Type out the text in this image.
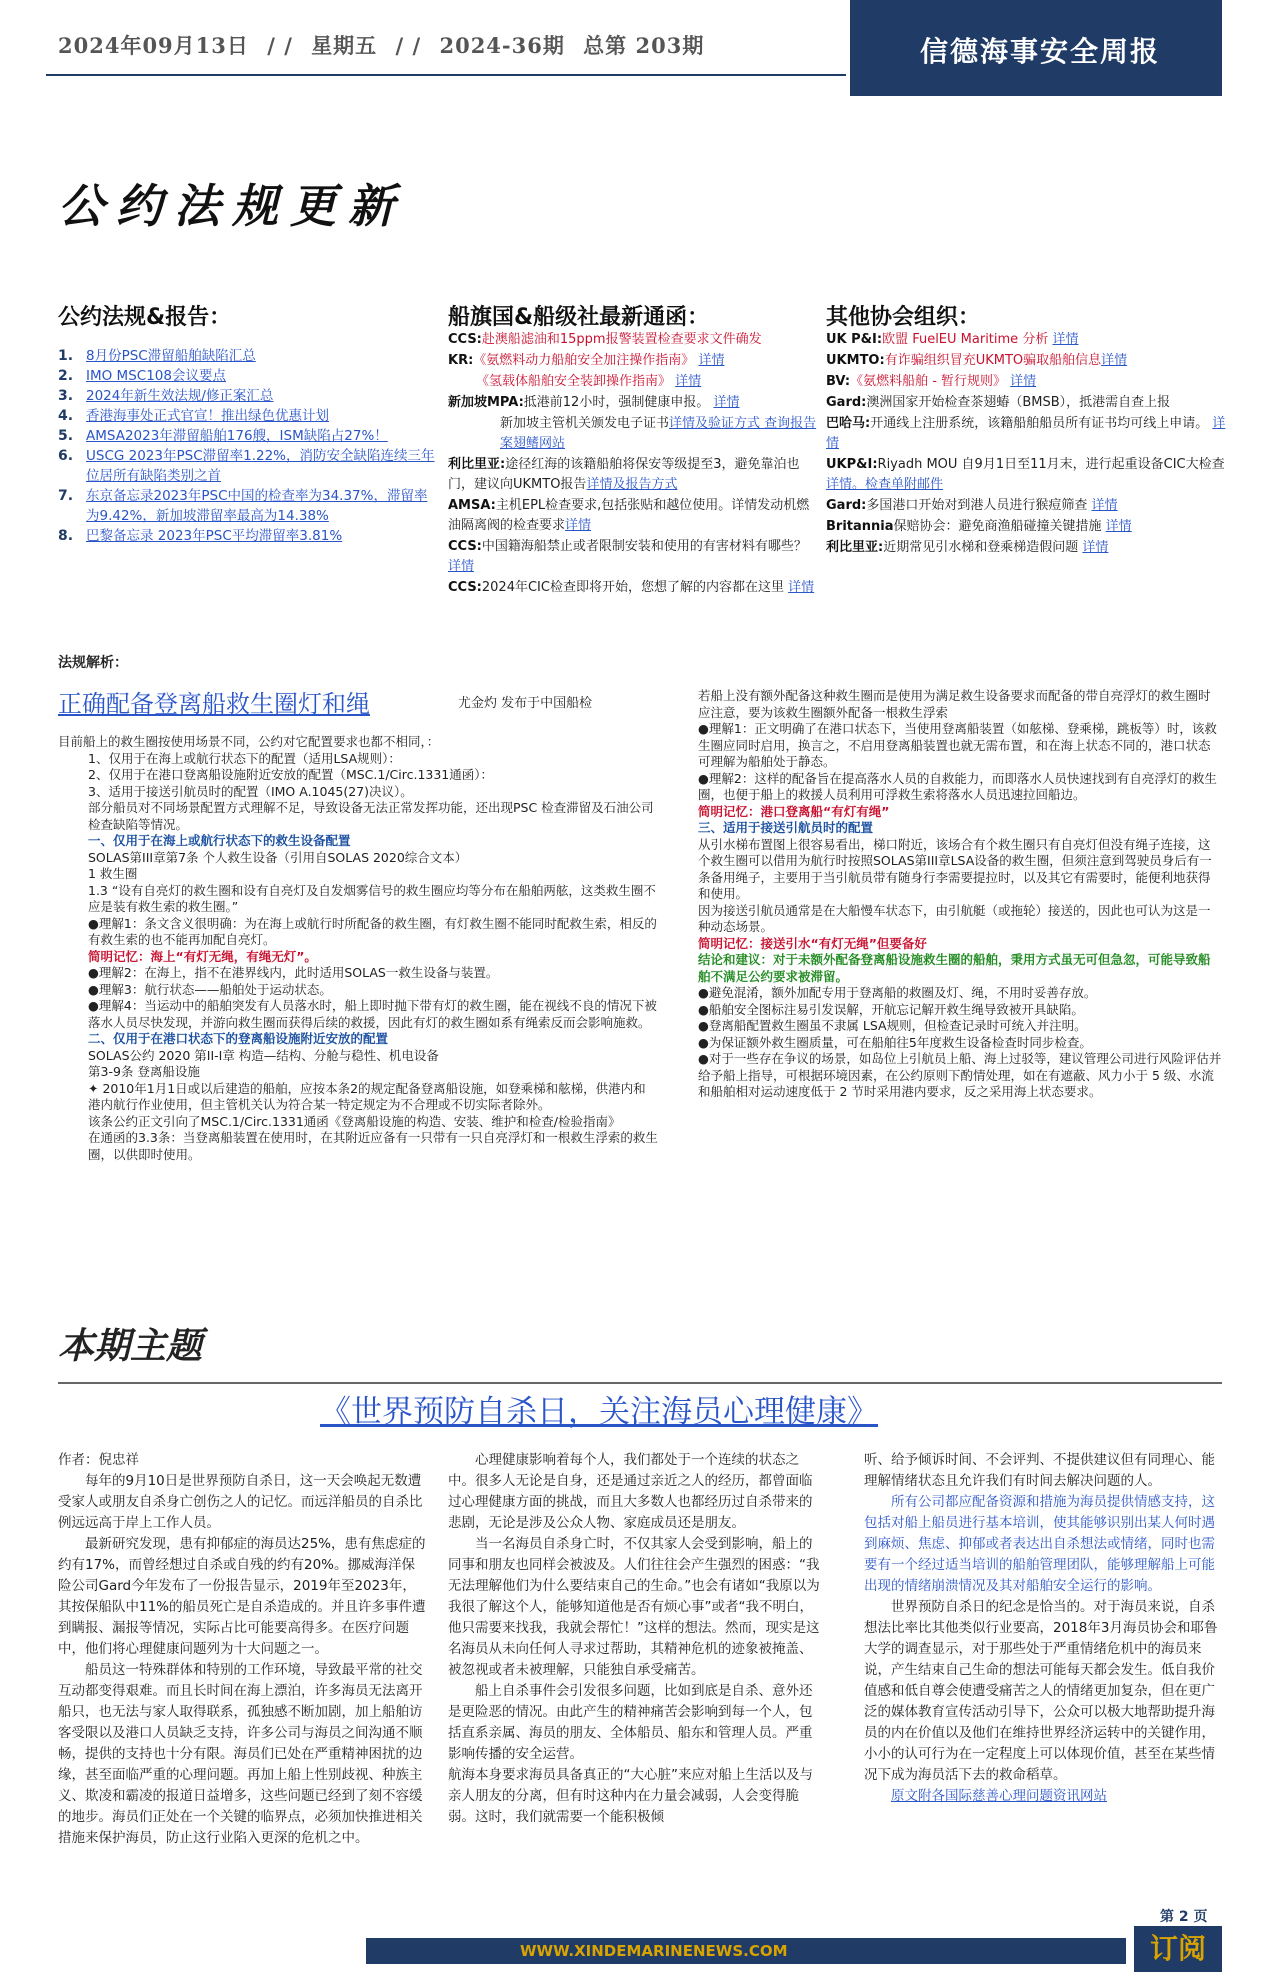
2024年09月13日 / / 星期五 / / 2024-36期 总第 203期	信德海事安全周报
公约法规更新
公约法规&报告：
1. 8月份PSC滞留船舶缺陷汇总
2. IMO MSC108会议要点
3. 2024年新生效法规/修正案汇总
4. 香港海事处正式官宣！推出绿色优惠计划
5. AMSA2023年滞留船舶176艘，ISM缺陷占27%！
6. USCG 2023年PSC滞留率1.22%，消防安全缺陷连续三年位居所有缺陷类别之首
7. 东京备忘录2023年PSC中国的检查率为34.37%，滞留率为9.42%，新加坡滞留率最高为14.38%
8. 巴黎备忘录 2023年PSC平均滞留率3.81%
船旗国&船级社最新通函：

CCS:赴澳船滤油和15ppm报警装置检查要求文件确发

KR:《氨燃料动力船舶安全加注操作指南》 详情

《氢载体船舶安全装卸操作指南》 详情

新加坡MPA:抵港前12小时，强制健康申报。 详情

新加坡主管机关颁发电子证书详情及验证方式 查询报告案翅鳍网站

利比里亚:途径红海的该籍船舶将保安等级提至3，避免靠泊也门，建议向UKMTO报告详情及报告方式

AMSA:主机EPL检查要求,包括张贴和越位使用。详情发动机燃油隔离阀的检查要求详情

CCS:中国籍海船禁止或者限制安装和使用的有害材料有哪些？ 详情

CCS:2024年CIC检查即将开始，您想了解的内容都在这里 详情

其他协会组织：

UK P&I:欧盟 FuelEU Maritime 分析 详情

UKMTO:有诈骗组织冒充UKMTO骗取船舶信息详情

BV:《氨燃料船舶 - 暂行规则》 详情

Gard:澳洲国家开始检查茶翅蝽（BMSB），抵港需自查上报

巴哈马:开通线上注册系统，该籍船舶船员所有证书均可线上申请。 详情

UKP&I:Riyadh MOU 自9月1日至11月末，进行起重设备CIC大检查详情。检查单附邮件

Gard:多国港口开始对到港人员进行猴痘筛查 详情

Britannia保赔协会：避免商渔船碰撞关键措施 详情

利比里亚:近期常见引水梯和登乘梯造假问题 详情

法规解析：
正确配备登离船救生圈灯和绳	尤金灼 发布于中国船检

目前船上的救生圈按使用场景不同，公约对它配置要求也都不相同，：

1、仅用于在海上或航行状态下的配置（适用LSA规则）：

2、仅用于在港口登离船设施附近安放的配置（MSC.1/Circ.1331通函）：

3、适用于接送引航员时的配置（IMO A.1045(27)决议）。

部分船员对不同场景配置方式理解不足，导致设备无法正常发挥功能，还出现PSC 检查滞留及石油公司检查缺陷等情况。

一、仅用于在海上或航行状态下的救生设备配置

SOLAS第III章第7条 个人救生设备（引用自SOLAS 2020综合文本）

1 救生圈

1.3 “设有自亮灯的救生圈和设有自亮灯及自发烟雾信号的救生圈应均等分布在船舶两舷，这类救生圈不应是装有救生索的救生圈。”

●理解1：条文含义很明确：为在海上或航行时所配备的救生圈，有灯救生圈不能同时配救生索，相反的有救生索的也不能再加配自亮灯。

简明记忆：海上“有灯无绳，有绳无灯”。

●理解2：在海上，指不在港界线内，此时适用SOLAS一救生设备与装置。

●理解3：航行状态——船舶处于运动状态。

●理解4：当运动中的船舶突发有人员落水时，船上即时抛下带有灯的救生圈，能在视线不良的情况下被落水人员尽快发现，并游向救生圈而获得后续的救援，因此有灯的救生圈如系有绳索反而会影响施救。

二、仅用于在港口状态下的登离船设施附近安放的配置

SOLAS公约 2020 第II-I章 构造—结构、分舱与稳性、机电设备

第3-9条 登离船设施

✦ 2010年1月1日或以后建造的船舶，应按本条2的规定配备登离船设施，如登乘梯和舷梯，供港内和港内航行作业使用，但主管机关认为符合某一特定规定为不合理或不切实际者除外。

该条公约正文引向了MSC.1/Circ.1331通函《登离船设施的构造、安装、维护和检查/检验指南》

在通函的3.3条：当登离船装置在使用时，在其附近应备有一只带有一只自亮浮灯和一根救生浮索的救生圈，以供即时使用。

若船上没有额外配备这种救生圈而是使用为满足救生设备要求而配备的带自亮浮灯的救生圈时应注意，要为该救生圈额外配备一根救生浮索

●理解1：正文明确了在港口状态下，当使用登离船装置（如舷梯、登乘梯，跳板等）时，该救生圈应同时启用，换言之，不启用登离船装置也就无需布置，和在海上状态不同的，港口状态可理解为船舶处于静态。

●理解2：这样的配备旨在提高落水人员的自救能力，而即落水人员快速找到有自亮浮灯的救生圈，也便于船上的救援人员利用可浮救生索将落水人员迅速拉回船边。

简明记忆：港口登离船“有灯有绳”

三、适用于接送引航员时的配置

从引水梯布置图上很容易看出，梯口附近，该场合有个救生圈只有自亮灯但没有绳子连接，这个救生圈可以借用为航行时按照SOLAS第III章LSA设备的救生圈，但须注意到驾驶员身后有一条备用绳子，主要用于当引航员带有随身行李需要提拉时，以及其它有需要时，能便利地获得和使用。

因为接送引航员通常是在大船慢车状态下，由引航艇（或拖轮）接送的，因此也可认为这是一种动态场景。

简明记忆：接送引水“有灯无绳”但要备好

结论和建议：对于未额外配备登离船设施救生圈的船舶，秉用方式虽无可但急忽，可能导致船舶不满足公约要求被滞留。

●避免混淆，额外加配专用于登离船的救圈及灯、绳，不用时妥善存放。

●船舶安全图标注易引发误解，开航忘记解开救生绳导致被开具缺陷。

●登离船配置救生圈虽不隶属 LSA规则，但检查记录时可统入并注明。

●为保证额外救生圈质量，可在船舶往5年度救生设备检查时同步检查。

●对于一些存在争议的场景，如岛位上引航员上船、海上过驳等，建议管理公司进行风险评估并给予船上指导，可根据环境因素，在公约原则下酌情处理，如在有遮蔽、风力小于 5 级、水流和船舶相对运动速度低于 2 节时采用港内要求，反之采用海上状态要求。

本期主题
《世界预防自杀日，关注海员心理健康》

作者：倪忠祥

每年的9月10日是世界预防自杀日，这一天会唤起无数遭受家人或朋友自杀身亡创伤之人的记忆。而远洋船员的自杀比例远远高于岸上工作人员。

最新研究发现，患有抑郁症的海员达25%，患有焦虑症的约有17%，而曾经想过自杀或自残的约有20%。挪威海洋保险公司Gard今年发布了一份报告显示，2019年至2023年，其按保船队中11%的船员死亡是自杀造成的。并且许多事件遭到瞒报、漏报等情况，实际占比可能要高得多。在医疗问题中，他们将心理健康问题列为十大问题之一。

船员这一特殊群体和特别的工作环境，导致最平常的社交互动都变得艰难。而且长时间在海上漂泊，许多海员无法离开船只，也无法与家人取得联系，孤独感不断加剧，加上船舶访客受限以及港口人员缺乏支持，许多公司与海员之间沟通不顺畅，提供的支持也十分有限。海员们已处在严重精神困扰的边缘，甚至面临严重的心理问题。再加上船上性别歧视、种族主义、欺凌和霸凌的报道日益增多，这些问题已经到了刻不容缓的地步。海员们正处在一个关键的临界点，必须加快推进相关措施来保护海员，防止这行业陷入更深的危机之中。

心理健康影响着每个人，我们都处于一个连续的状态之中。很多人无论是自身，还是通过亲近之人的经历，都曾面临过心理健康方面的挑战，而且大多数人也都经历过自杀带来的悲剧，无论是涉及公众人物、家庭成员还是朋友。

当一名海员自杀身亡时，不仅其家人会受到影响，船上的同事和朋友也同样会被波及。人们往往会产生强烈的困惑：“我无法理解他们为什么要结束自己的生命。”也会有诸如“我原以为我很了解这个人，能够知道他是否有烦心事”或者“我不明白，他只需要来找我，我就会帮忙！”这样的想法。然而，现实是这名海员从未向任何人寻求过帮助，其精神危机的迹象被掩盖、被忽视或者未被理解，只能独自承受痛苦。

船上自杀事件会引发很多问题，比如到底是自杀、意外还是更险恶的情况。由此产生的精神痛苦会影响到每一个人，包括直系亲属、海员的朋友、全体船员、船东和管理人员。严重影响传播的安全运营。

航海本身要求海员具备真正的“大心脏”来应对船上生活以及与亲人朋友的分离，但有时这种内在力量会减弱，人会变得脆弱。这时，我们就需要一个能积极倾

听、给予倾诉时间、不会评判、不提供建议但有同理心、能理解情绪状态且允许我们有时间去解决问题的人。

所有公司都应配备资源和措施为海员提供情感支持，这包括对船上船员进行基本培训，使其能够识别出某人何时遇到麻烦、焦虑、抑郁或者表达出自杀想法或情绪，同时也需要有一个经过适当培训的船舶管理团队，能够理解船上可能出现的情绪崩溃情况及其对船舶安全运行的影响。

世界预防自杀日的纪念是恰当的。对于海员来说，自杀想法比率比其他类似行业要高，2018年3月海员协会和耶鲁大学的调查显示，对于那些处于严重情绪危机中的海员来说，产生结束自己生命的想法可能每天都会发生。低自我价值感和低自尊会使遭受痛苦之人的情绪更加复杂，但在更广泛的媒体教育宣传活动引导下，公众可以极大地帮助提升海员的内在价值以及他们在维持世界经济运转中的关键作用，小小的认可行为在一定程度上可以体现价值，甚至在某些情况下成为海员活下去的救命稻草。

原文附各国际慈善心理问题资讯网站

第 2 页
WWW.XINDEMARINENEWS.COM	订阅
